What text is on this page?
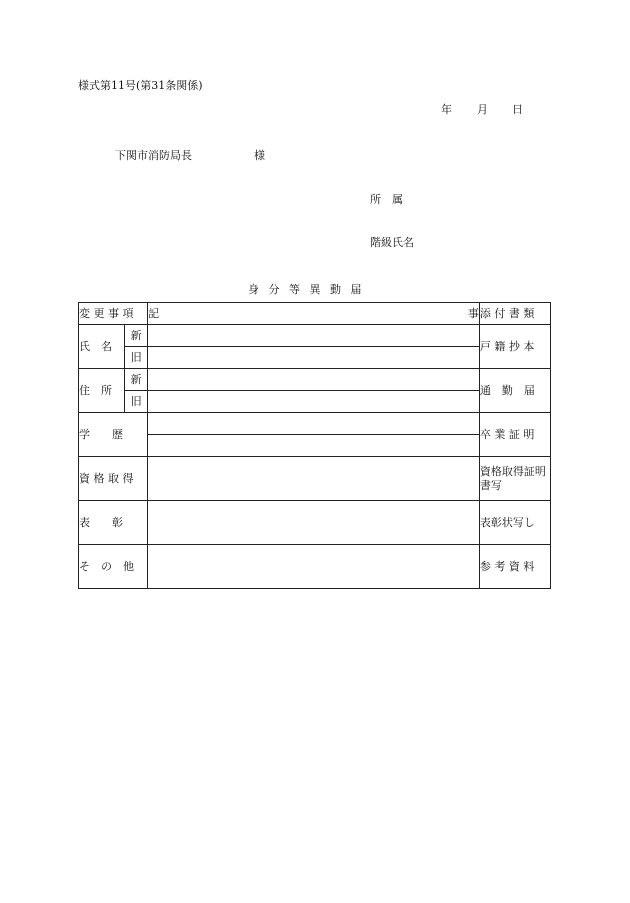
様式第11号(第31条関係)
年 月 日
下関市消防局長	様
所　属
階級氏名
身 分 等 異 動 届
変 更 事 項		記 事	添 付 書 類
氏　名	新		戸 籍 抄 本
	旧		
住　所	新		通　勤　届
	旧		
学　　歴			卒 業 証 明
資 格 取 得			資格取得証明書写
表　　彰			表彰状写し
そ　の　他			参 考 資 料
